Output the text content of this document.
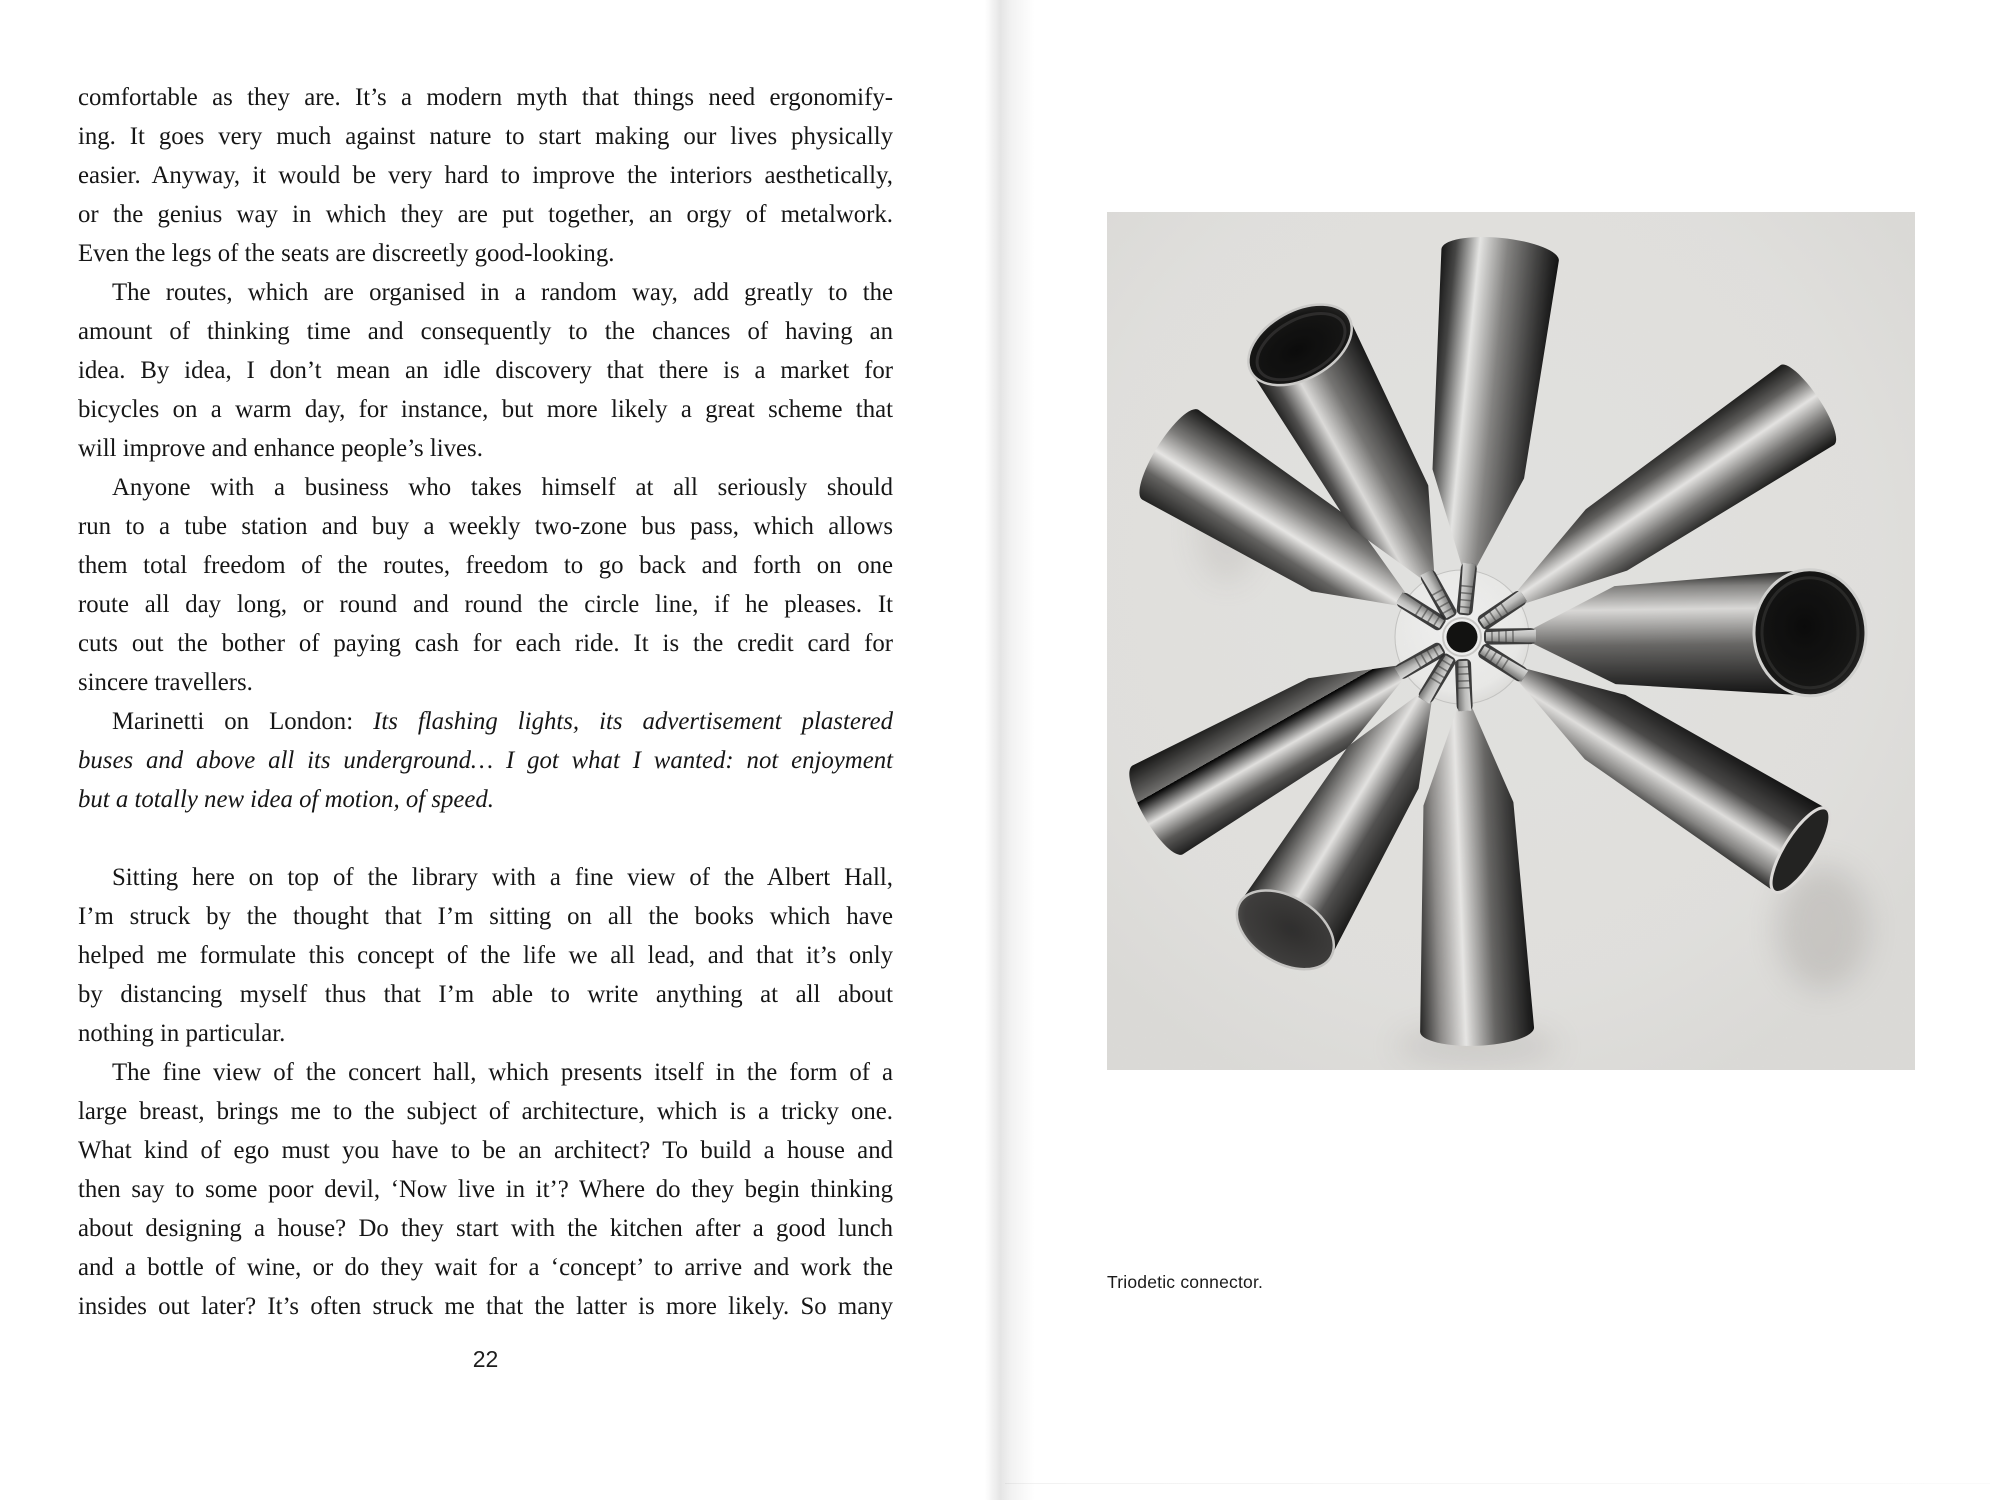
comfortable as they are. It’s a modern myth that things need ergonomify-
ing. It goes very much against nature to start making our lives physically
easier. Anyway, it would be very hard to improve the interiors aesthetically,
or the genius way in which they are put together, an orgy of metalwork.
Even the legs of the seats are discreetly good-looking.
The routes, which are organised in a random way, add greatly to the
amount of thinking time and consequently to the chances of having an
idea. By idea, I don’t mean an idle discovery that there is a market for
bicycles on a warm day, for instance, but more likely a great scheme that
will improve and enhance people’s lives.
Anyone with a business who takes himself at all seriously should
run to a tube station and buy a weekly two-zone bus pass, which allows
them total freedom of the routes, freedom to go back and forth on one
route all day long, or round and round the circle line, if he pleases. It
cuts out the bother of paying cash for each ride. It is the credit card for
sincere travellers.
Marinetti on London: Its flashing lights, its advertisement plastered
buses and above all its underground… I got what I wanted: not enjoyment
but a totally new idea of motion, of speed.
Sitting here on top of the library with a fine view of the Albert Hall,
I’m struck by the thought that I’m sitting on all the books which have
helped me formulate this concept of the life we all lead, and that it’s only
by distancing myself thus that I’m able to write anything at all about
nothing in particular.
The fine view of the concert hall, which presents itself in the form of a
large breast, brings me to the subject of architecture, which is a tricky one.
What kind of ego must you have to be an architect? To build a house and
then say to some poor devil, ‘Now live in it’? Where do they begin thinking
about designing a house? Do they start with the kitchen after a good lunch
and a bottle of wine, or do they wait for a ‘concept’ to arrive and work the
insides out later? It’s often struck me that the latter is more likely. So many
22
Triodetic connector.
